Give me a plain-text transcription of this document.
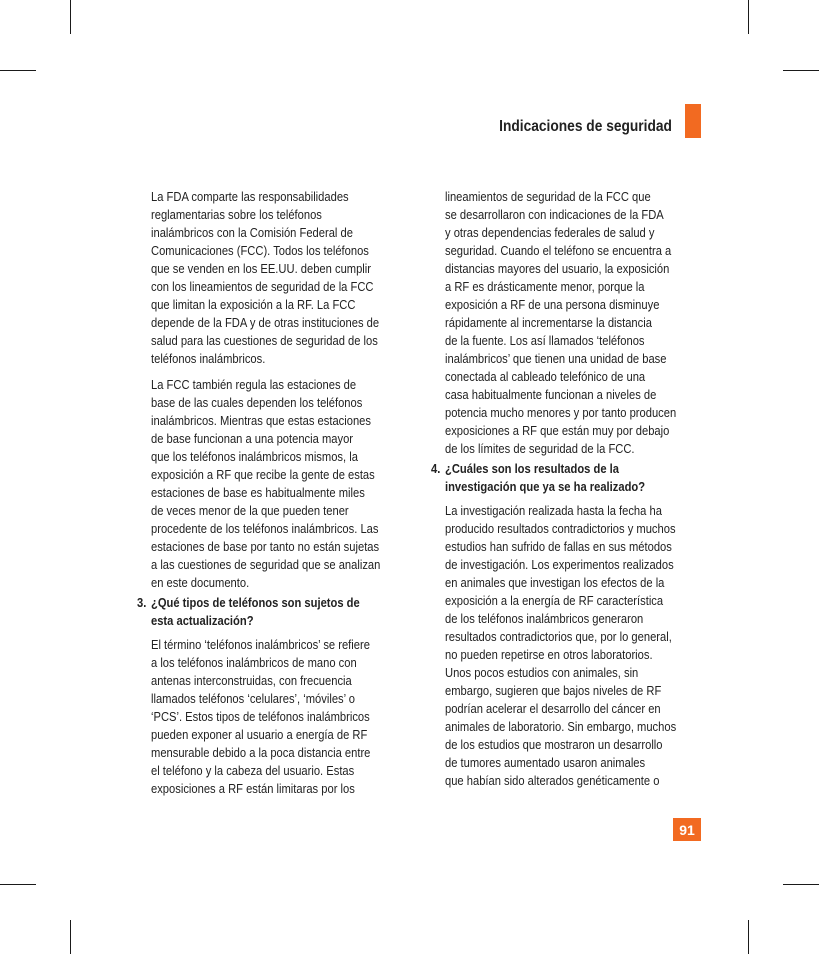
Indicaciones de seguridad
La FDA comparte las responsabilidades
reglamentarias sobre los teléfonos
inalámbricos con la Comisión Federal de
Comunicaciones (FCC). Todos los teléfonos
que se venden en los EE.UU. deben cumplir
con los lineamientos de seguridad de la FCC
que limitan la exposición a la RF. La FCC
depende de la FDA y de otras instituciones de
salud para las cuestiones de seguridad de los
teléfonos inalámbricos.
La FCC también regula las estaciones de
base de las cuales dependen los teléfonos
inalámbricos. Mientras que estas estaciones
de base funcionan a una potencia mayor
que los teléfonos inalámbricos mismos, la
exposición a RF que recibe la gente de estas
estaciones de base es habitualmente miles
de veces menor de la que pueden tener
procedente de los teléfonos inalámbricos. Las
estaciones de base por tanto no están sujetas
a las cuestiones de seguridad que se analizan
en este documento.
3. ¿Qué tipos de teléfonos son sujetos de
esta actualización?
El término ‘teléfonos inalámbricos’ se refiere
a los teléfonos inalámbricos de mano con
antenas interconstruidas, con frecuencia
llamados teléfonos ‘celulares’, ‘móviles’ o
‘PCS’. Estos tipos de teléfonos inalámbricos
pueden exponer al usuario a energía de RF
mensurable debido a la poca distancia entre
el teléfono y la cabeza del usuario. Estas
exposiciones a RF están limitaras por los
lineamientos de seguridad de la FCC que
se desarrollaron con indicaciones de la FDA
y otras dependencias federales de salud y
seguridad. Cuando el teléfono se encuentra a
distancias mayores del usuario, la exposición
a RF es drásticamente menor, porque la
exposición a RF de una persona disminuye
rápidamente al incrementarse la distancia
de la fuente. Los así llamados ‘teléfonos
inalámbricos’ que tienen una unidad de base
conectada al cableado telefónico de una
casa habitualmente funcionan a niveles de
potencia mucho menores y por tanto producen
exposiciones a RF que están muy por debajo
de los límites de seguridad de la FCC.
4. ¿Cuáles son los resultados de la
investigación que ya se ha realizado?
La investigación realizada hasta la fecha ha
producido resultados contradictorios y muchos
estudios han sufrido de fallas en sus métodos
de investigación. Los experimentos realizados
en animales que investigan los efectos de la
exposición a la energía de RF característica
de los teléfonos inalámbricos generaron
resultados contradictorios que, por lo general,
no pueden repetirse en otros laboratorios.
Unos pocos estudios con animales, sin
embargo, sugieren que bajos niveles de RF
podrían acelerar el desarrollo del cáncer en
animales de laboratorio. Sin embargo, muchos
de los estudios que mostraron un desarrollo
de tumores aumentado usaron animales
que habían sido alterados genéticamente o
91
